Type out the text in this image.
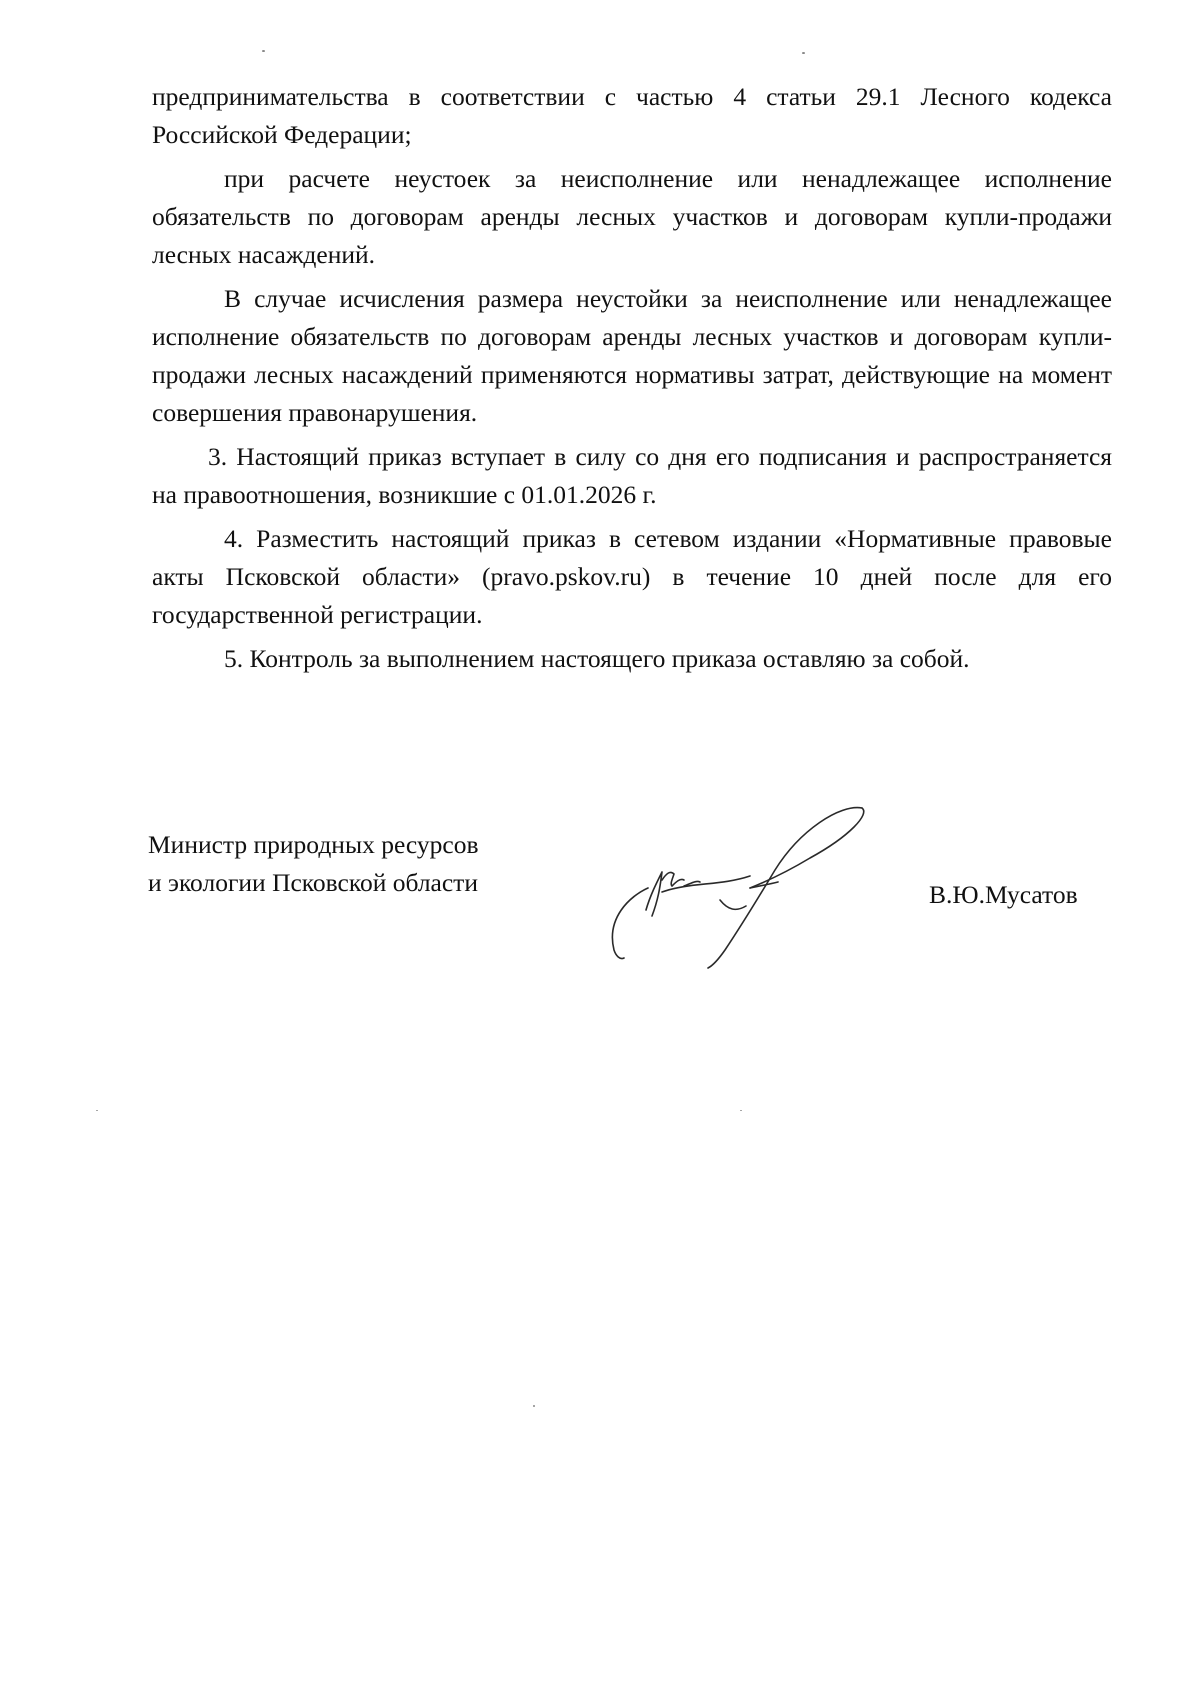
предпринимательства в соответствии с частью 4 статьи 29.1 Лесного кодекса Российской Федерации;

при расчете неустоек за неисполнение или ненадлежащее исполнение обязательств по договорам аренды лесных участков и договорам купли-продажи лесных насаждений.

В случае исчисления размера неустойки за неисполнение или ненадлежащее исполнение обязательств по договорам аренды лесных участков и договорам купли-продажи лесных насаждений применяются нормативы затрат, действующие на момент совершения правонарушения.

3. Настоящий приказ вступает в силу со дня его подписания и распространяется на правоотношения, возникшие с 01.01.2026 г.

4. Разместить настоящий приказ в сетевом издании «Нормативные правовые акты Псковской области» (pravo.pskov.ru) в течение 10 дней после для его государственной регистрации.

5. Контроль за выполнением настоящего приказа оставляю за собой.

Министр природных ресурсов
и экологии Псковской области	В.Ю.Мусатов
